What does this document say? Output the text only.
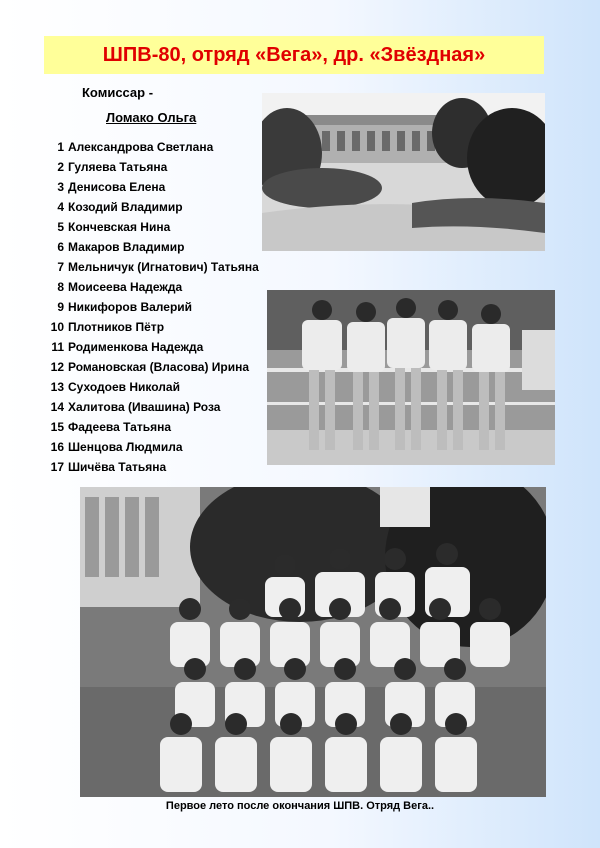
ШПВ-80, отряд «Вега», др. «Звёздная»
Комиссар -
Ломако Ольга
1 Александрова Светлана
2 Гуляева Татьяна
3 Денисова Елена
4 Козодий Владимир
5 Кончевская Нина
6 Макаров Владимир
7 Мельничук (Игнатович) Татьяна
8 Моисеева Надежда
9 Никифоров Валерий
10 Плотников Пётр
11 Родименкова Надежда
12 Романовская (Власова) Ирина
13 Суходоев Николай
14 Халитова (Ивашина) Роза
15 Фадеева Татьяна
16 Шенцова Людмила
17 Шичёва Татьяна
Первое лето после окончания ШПВ. Отряд Вега..
